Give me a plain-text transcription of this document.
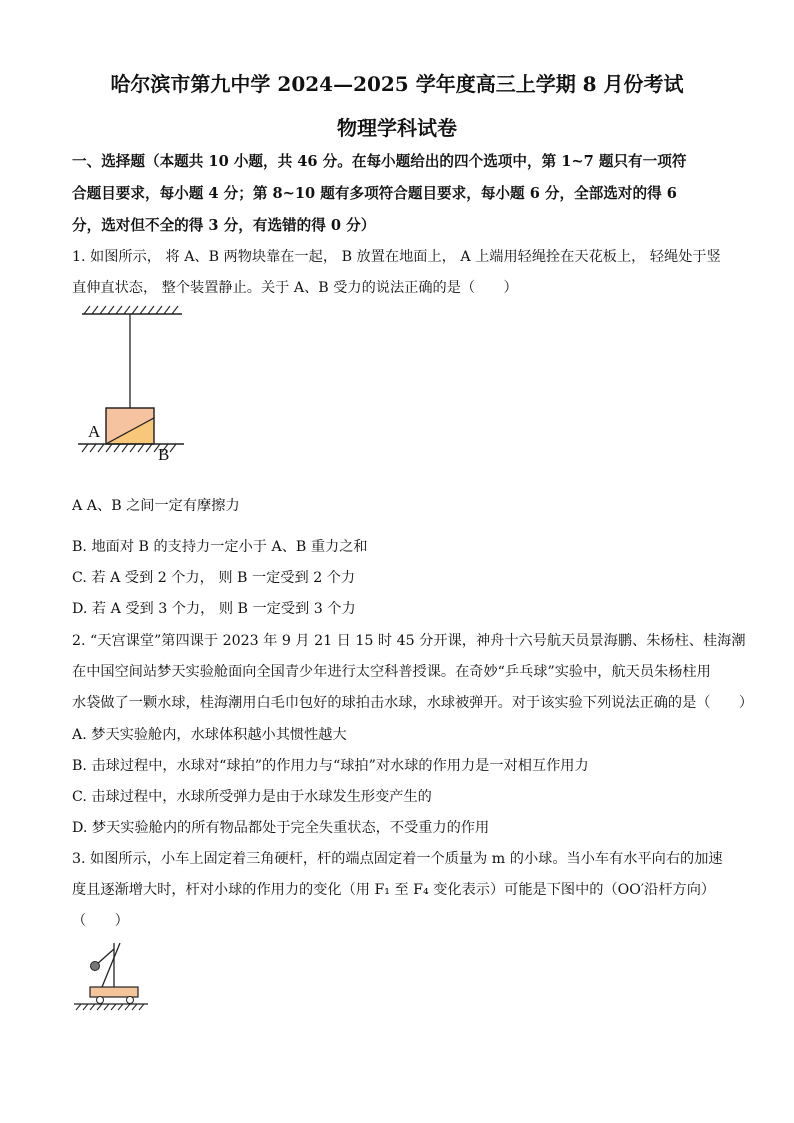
哈尔滨市第九中学 2024—2025 学年度高三上学期 8 月份考试
物理学科试卷
一、选择题（本题共 10 小题，共 46 分。在每小题给出的四个选项中，第 1~7 题只有一项符
合题目要求，每小题 4 分；第 8~10 题有多项符合题目要求，每小题 6 分，全部选对的得 6
分，选对但不全的得 3 分，有选错的得 0 分）
1. 如图所示， 将 A、B 两物块靠在一起， B 放置在地面上， A 上端用轻绳拴在天花板上， 轻绳处于竖
直伸直状态， 整个装置静止。关于 A、B 受力的说法正确的是（　　）
A
B
A A、B 之间一定有摩擦力
B. 地面对 B 的支持力一定小于 A、B 重力之和
C. 若 A 受到 2 个力， 则 B 一定受到 2 个力
D. 若 A 受到 3 个力， 则 B 一定受到 3 个力
2. “天宫课堂”第四课于 2023 年 9 月 21 日 15 时 45 分开课，神舟十六号航天员景海鹏、朱杨柱、桂海潮
在中国空间站梦天实验舱面向全国青少年进行太空科普授课。在奇妙“乒乓球”实验中，航天员朱杨柱用
水袋做了一颗水球，桂海潮用白毛巾包好的球拍击水球，水球被弹开。对于该实验下列说法正确的是（　　）
A. 梦天实验舱内，水球体积越小其惯性越大
B. 击球过程中，水球对“球拍”的作用力与“球拍”对水球的作用力是一对相互作用力
C. 击球过程中，水球所受弹力是由于水球发生形变产生的
D. 梦天实验舱内的所有物品都处于完全失重状态，不受重力的作用
3. 如图所示，小车上固定着三角硬杆，杆的端点固定着一个质量为 m 的小球。当小车有水平向右的加速
度且逐渐增大时，杆对小球的作用力的变化（用 F₁ 至 F₄ 变化表示）可能是下图中的（OO′沿杆方向）
（　　）
